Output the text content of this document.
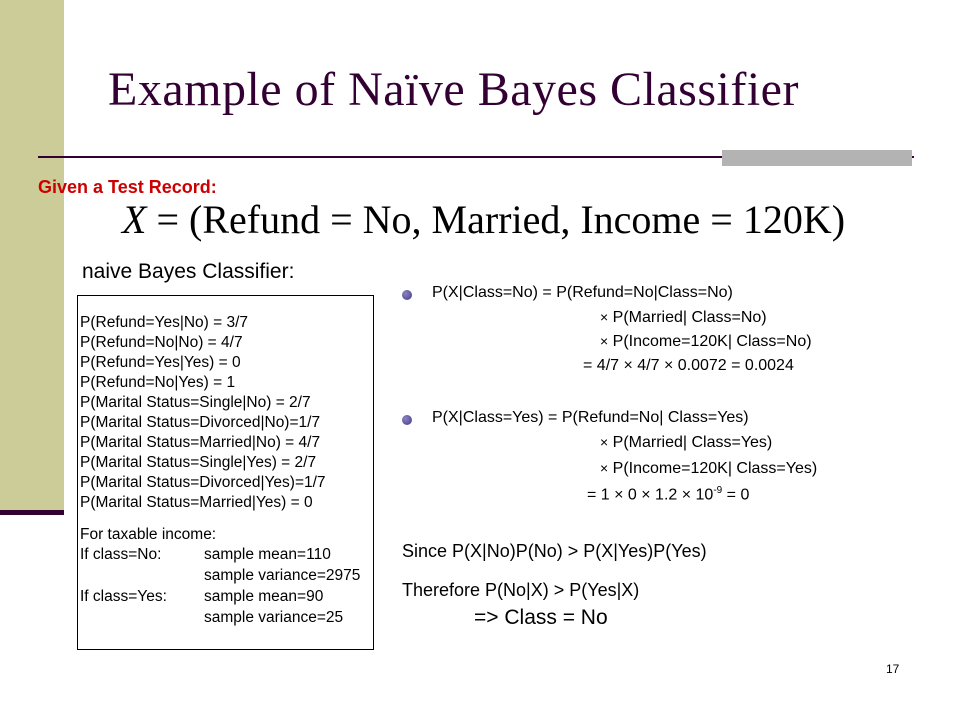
Example of Naïve Bayes Classifier
Given a Test Record:
X = (Refund = No, Married, Income = 120K)
naive Bayes Classifier:
P(Refund=Yes|No) = 3/7
P(Refund=No|No) = 4/7
P(Refund=Yes|Yes) = 0
P(Refund=No|Yes) = 1
P(Marital Status=Single|No) = 2/7
P(Marital Status=Divorced|No)=1/7
P(Marital Status=Married|No) = 4/7
P(Marital Status=Single|Yes) = 2/7
P(Marital Status=Divorced|Yes)=1/7
P(Marital Status=Married|Yes) = 0
For taxable income:
If class=No:	sample mean=110
sample variance=2975
If class=Yes: sample mean=90
sample variance=25
P(X|Class=No) = P(Refund=No|Class=No)
× P(Married| Class=No)
× P(Income=120K| Class=No)
= 4/7 × 4/7 × 0.0072 = 0.0024
P(X|Class=Yes) = P(Refund=No| Class=Yes)
× P(Married| Class=Yes)
× P(Income=120K| Class=Yes)
= $1 \times 0 \times 1.2 \times 10^{-9} = 0$
Since P(X|No)P(No) > P(X|Yes)P(Yes)
Therefore P(No|X) > P(Yes|X)
=> Class = No
17
